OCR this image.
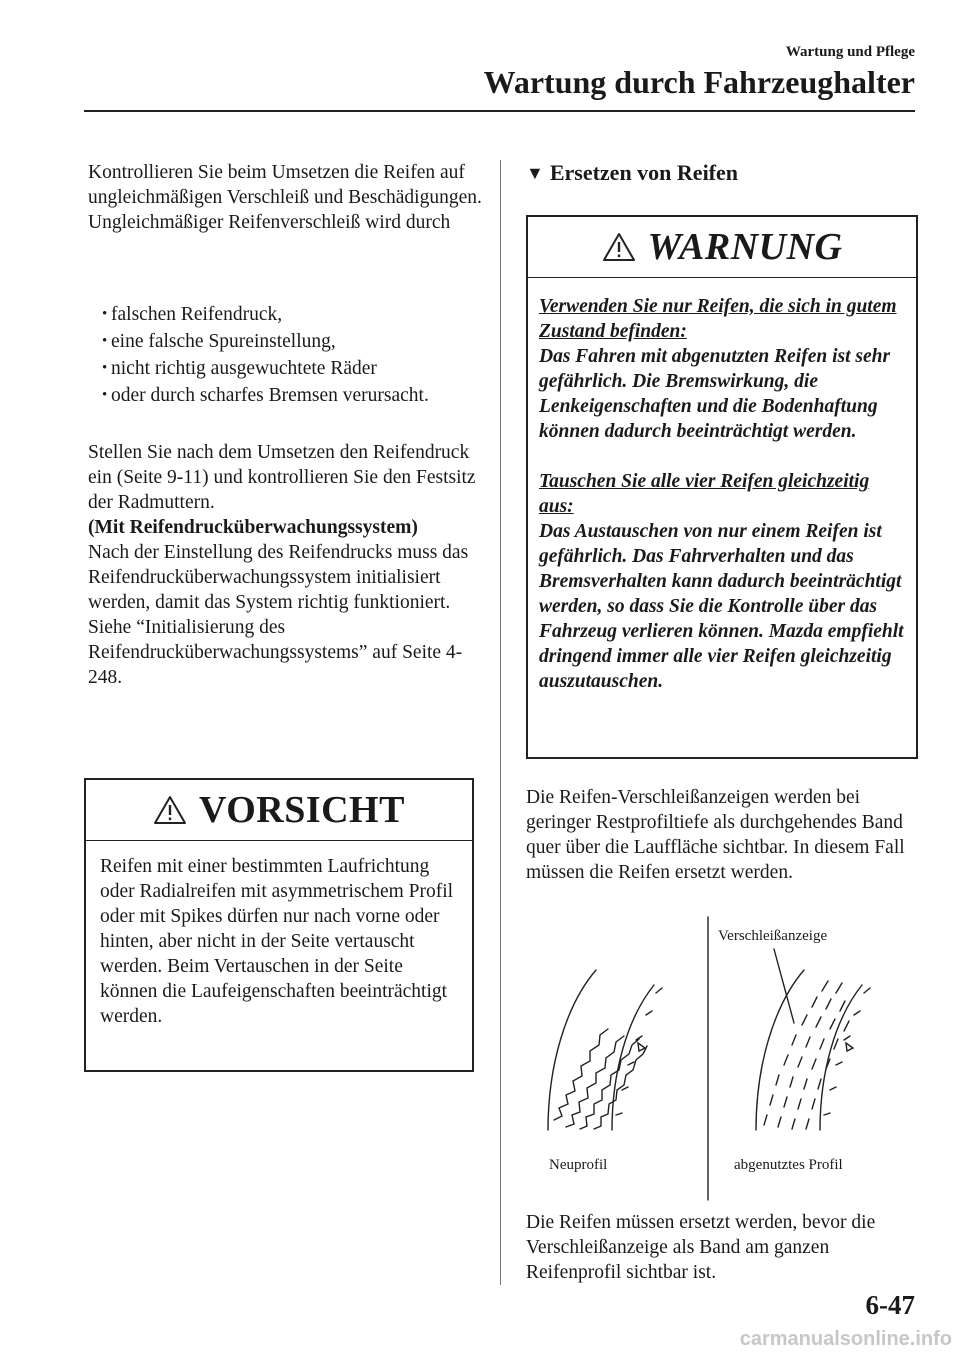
Wartung und Pflege
Wartung durch Fahrzeughalter
Kontrollieren Sie beim Umsetzen die Reifen auf ungleichmäßigen Verschleiß und Beschädigungen. Ungleichmäßiger Reifenverschleiß wird durch
• falschen Reifendruck,
• eine falsche Spureinstellung,
• nicht richtig ausgewuchtete Räder
• oder durch scharfes Bremsen verursacht.

Stellen Sie nach dem Umsetzen den Reifendruck ein (Seite 9-11) und kontrollieren Sie den Festsitz der Radmuttern.

(Mit Reifendrucküberwachungssystem)

Nach der Einstellung des Reifendrucks muss das Reifendrucküberwachungssystem initialisiert werden, damit das System richtig funktioniert.

Siehe “Initialisierung des Reifendrucküberwachungssystems” auf Seite 4-248.

VORSICHT
Reifen mit einer bestimmten Laufrichtung oder Radialreifen mit asymmetrischem Profil oder mit Spikes dürfen nur nach vorne oder hinten, aber nicht in der Seite vertauscht werden. Beim Vertauschen in der Seite können die Laufeigenschaften beeinträchtigt werden.
▼ Ersetzen von Reifen
WARNUNG

Verwenden Sie nur Reifen, die sich in gutem Zustand befinden:

Das Fahren mit abgenutzten Reifen ist sehr gefährlich. Die Bremswirkung, die Lenkeigenschaften und die Bodenhaftung können dadurch beeinträchtigt werden.

Tauschen Sie alle vier Reifen gleichzeitig aus:

Das Austauschen von nur einem Reifen ist gefährlich. Das Fahrverhalten und das Bremsverhalten kann dadurch beeinträchtigt werden, so dass Sie die Kontrolle über das Fahrzeug verlieren können. Mazda empfiehlt dringend immer alle vier Reifen gleichzeitig auszutauschen.

Die Reifen-Verschleißanzeigen werden bei geringer Restprofiltiefe als durchgehendes Band quer über die Lauffläche sichtbar. In diesem Fall müssen die Reifen ersetzt werden.
Verschleißanzeige
Neuprofil	abgenutztes Profil
Die Reifen müssen ersetzt werden, bevor die Verschleißanzeige als Band am ganzen Reifenprofil sichtbar ist.
6-47
carmanualsonline.info
